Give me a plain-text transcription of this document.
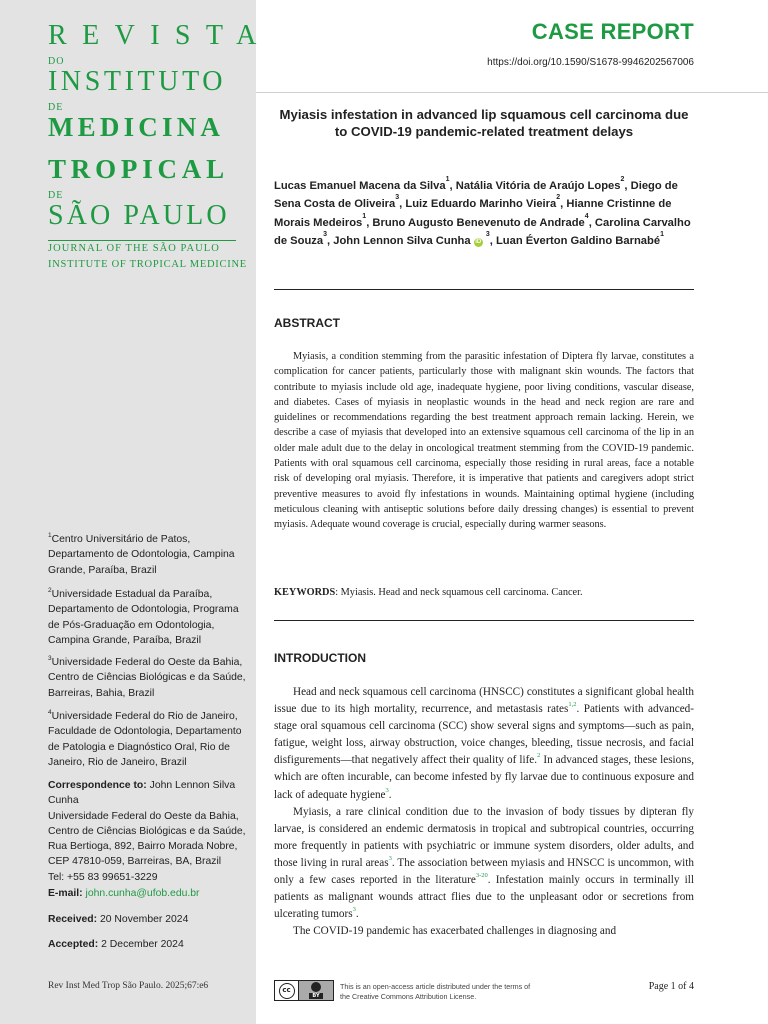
REVISTA
DO
INSTITUTO
DE
MEDICINA
TROPICAL
DE
SÃO PAULO
JOURNAL OF THE SÃO PAULO
INSTITUTE OF TROPICAL MEDICINE
$^1$Centro Universitário de Patos, Departamento de Odontologia, Campina Grande, Paraíba, Brazil
$^2$Universidade Estadual da Paraíba, Departamento de Odontologia, Programa de Pós-Graduação em Odontologia, Campina Grande, Paraíba, Brazil
$^3$Universidade Federal do Oeste da Bahia, Centro de Ciências Biológicas e da Saúde, Barreiras, Bahia, Brazil
$^4$Universidade Federal do Rio de Janeiro, Faculdade de Odontologia, Departamento de Patologia e Diagnóstico Oral, Rio de Janeiro, Rio de Janeiro, Brazil
Correspondence to: John Lennon Silva Cunha
Universidade Federal do Oeste da Bahia, Centro de Ciências Biológicas e da Saúde, Rua Bertioga, 892, Bairro Morada Nobre, CEP 47810-059, Barreiras, BA, Brazil
Tel: +55 83 99651-3229
E-mail: john.cunha@ufob.edu.br
Received: 20 November 2024
Accepted: 2 December 2024
Rev Inst Med Trop São Paulo. 2025;67:e6
CASE REPORT
https://doi.org/10.1590/S1678-9946202567006
Myiasis infestation in advanced lip squamous cell carcinoma due to COVID-19 pandemic-related treatment delays
Lucas Emanuel Macena da Silva$^1$, Natália Vitória de Araújo Lopes$^2$, Diego de Sena Costa de Oliveira$^3$, Luiz Eduardo Marinho Vieira$^2$, Hianne Cristinne de Morais Medeiros$^1$, Bruno Augusto Benevenuto de Andrade$^4$, Carolina Carvalho de Souza$^3$, John Lennon Silva Cunha iD $^3$, Luan Éverton Galdino Barnabé$^1$
ABSTRACT
Myiasis, a condition stemming from the parasitic infestation of Diptera fly larvae, constitutes a complication for cancer patients, particularly those with malignant skin wounds. The factors that contribute to myiasis include old age, inadequate hygiene, poor living conditions, vascular disease, and diabetes. Cases of myiasis in neoplastic wounds in the head and neck region are rare and guidelines or recommendations regarding the best treatment approach remain lacking. Herein, we describe a case of myiasis that developed into an extensive squamous cell carcinoma of the lip in an older male adult due to the delay in oncological treatment stemming from the COVID-19 pandemic. Patients with oral squamous cell carcinoma, especially those residing in rural areas, face a notable risk of developing oral myiasis. Therefore, it is imperative that patients and caregivers adopt strict preventive measures to avoid fly infestations in wounds. Maintaining optimal hygiene (including meticulous cleaning with antiseptic solutions before daily dressing changes) is essential to prevent myiasis. Adequate wound coverage is crucial, especially during warmer seasons.
KEYWORDS: Myiasis. Head and neck squamous cell carcinoma. Cancer.
INTRODUCTION

Head and neck squamous cell carcinoma (HNSCC) constitutes a significant global health issue due to its high mortality, recurrence, and metastasis rates$^{1,2}$. Patients with advanced-stage oral squamous cell carcinoma (SCC) show several signs and symptoms—such as pain, fatigue, weight loss, airway obstruction, voice changes, bleeding, tissue necrosis, and facial disfigurements—that negatively affect their quality of life.$^2$ In advanced stages, these lesions, which are often incurable, can become infested by fly larvae due to continuous exposure and lack of adequate hygiene$^3$.

Myiasis, a rare clinical condition due to the invasion of body tissues by dipteran fly larvae, is considered an endemic dermatosis in tropical and subtropical countries, occurring more frequently in patients with psychiatric or immune system disorders, older adults, and those living in rural areas$^3$. The association between myiasis and HNSCC is uncommon, with only a few cases reported in the literature$^{3-20}$. Infestation mainly occurs in terminally ill patients as malignant wounds attract flies due to the unpleasant odor or secretions from ulcerating tumors$^3$.

The COVID-19 pandemic has exacerbated challenges in diagnosing and

cc
BY
This is an open-access article distributed under the terms of the Creative Commons Attribution License.
Page 1 of 4
